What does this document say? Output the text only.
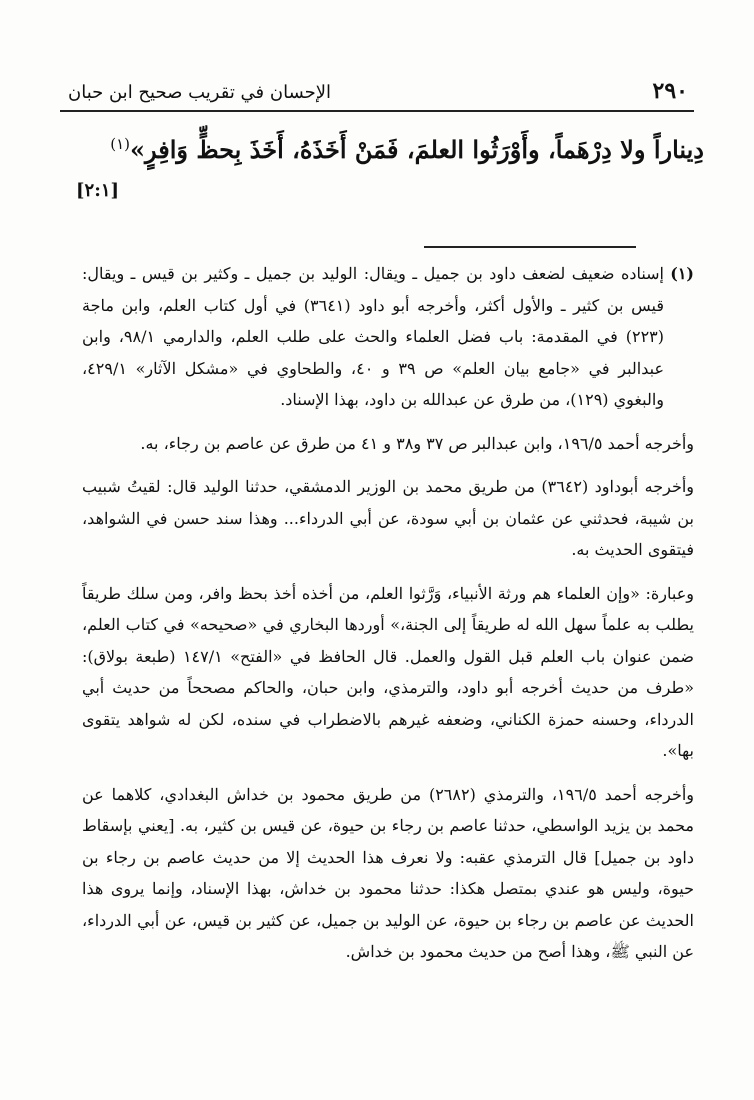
٢٩٠
الإحسان في تقريب صحيح ابن حبان
دِيناراً ولا دِرْهَماً، وأَوْرَثُوا العلمَ، فَمَنْ أَخَذَهُ، أَخَذَ بِحظٍّ وَافِرٍ»$^{(١)}$
[٢:١]

(١)إسناده ضعيف لضعف داود بن جميل ـ ويقال: الوليد بن جميل ـ وكثير بن قيس ـ ويقال: قيس بن كثير ـ والأول أكثر، وأخرجه أبو داود (٣٦٤١) في أول كتاب العلم، وابن ماجة (٢٢٣) في المقدمة: باب فضل العلماء والحث على طلب العلم، والدارمي ٩٨/١، وابن عبدالبر في «جامع بيان العلم» ص ٣٩ و ٤٠، والطحاوي في «مشكل الآثار» ٤٢٩/١، والبغوي (١٢٩)، من طرق عن عبدالله بن داود، بهذا الإسناد.

وأخرجه أحمد ١٩٦/٥، وابن عبدالبر ص ٣٧ و٣٨ و ٤١ من طرق عن عاصم بن رجاء، به.

وأخرجه أبوداود (٣٦٤٢) من طريق محمد بن الوزير الدمشقي، حدثنا الوليد قال: لقيتُ شبيب بن شيبة، فحدثني عن عثمان بن أبي سودة، عن أبي الدرداء... وهذا سند حسن في الشواهد، فيتقوى الحديث به.

وعبارة: «وإن العلماء هم ورثة الأنبياء، وَرَّثوا العلم، من أخذه أخذ بحظ وافر، ومن سلك طريقاً يطلب به علماً سهل الله له طريقاً إلى الجنة،» أوردها البخاري في «صحيحه» في كتاب العلم، ضمن عنوان باب العلم قبل القول والعمل. قال الحافظ في «الفتح» ١٤٧/١ (طبعة بولاق): «طرف من حديث أخرجه أبو داود، والترمذي، وابن حبان، والحاكم مصححاً من حديث أبي الدرداء، وحسنه حمزة الكناني، وضعفه غيرهم بالاضطراب في سنده، لكن له شواهد يتقوى بها».

وأخرجه أحمد ١٩٦/٥، والترمذي (٢٦٨٢) من طريق محمود بن خداش البغدادي، كلاهما عن محمد بن يزيد الواسطي، حدثنا عاصم بن رجاء بن حيوة، عن قيس بن كثير، به. [يعني بإسقاط داود بن جميل] قال الترمذي عقبه: ولا نعرف هذا الحديث إلا من حديث عاصم بن رجاء بن حيوة، وليس هو عندي بمتصل هكذا: حدثنا محمود بن خداش، بهذا الإسناد، وإنما يروى هذا الحديث عن عاصم بن رجاء بن حيوة، عن الوليد بن جميل، عن كثير بن قيس، عن أبي الدرداء، عن النبي ﷺ، وهذا أصح من حديث محمود بن خداش.
